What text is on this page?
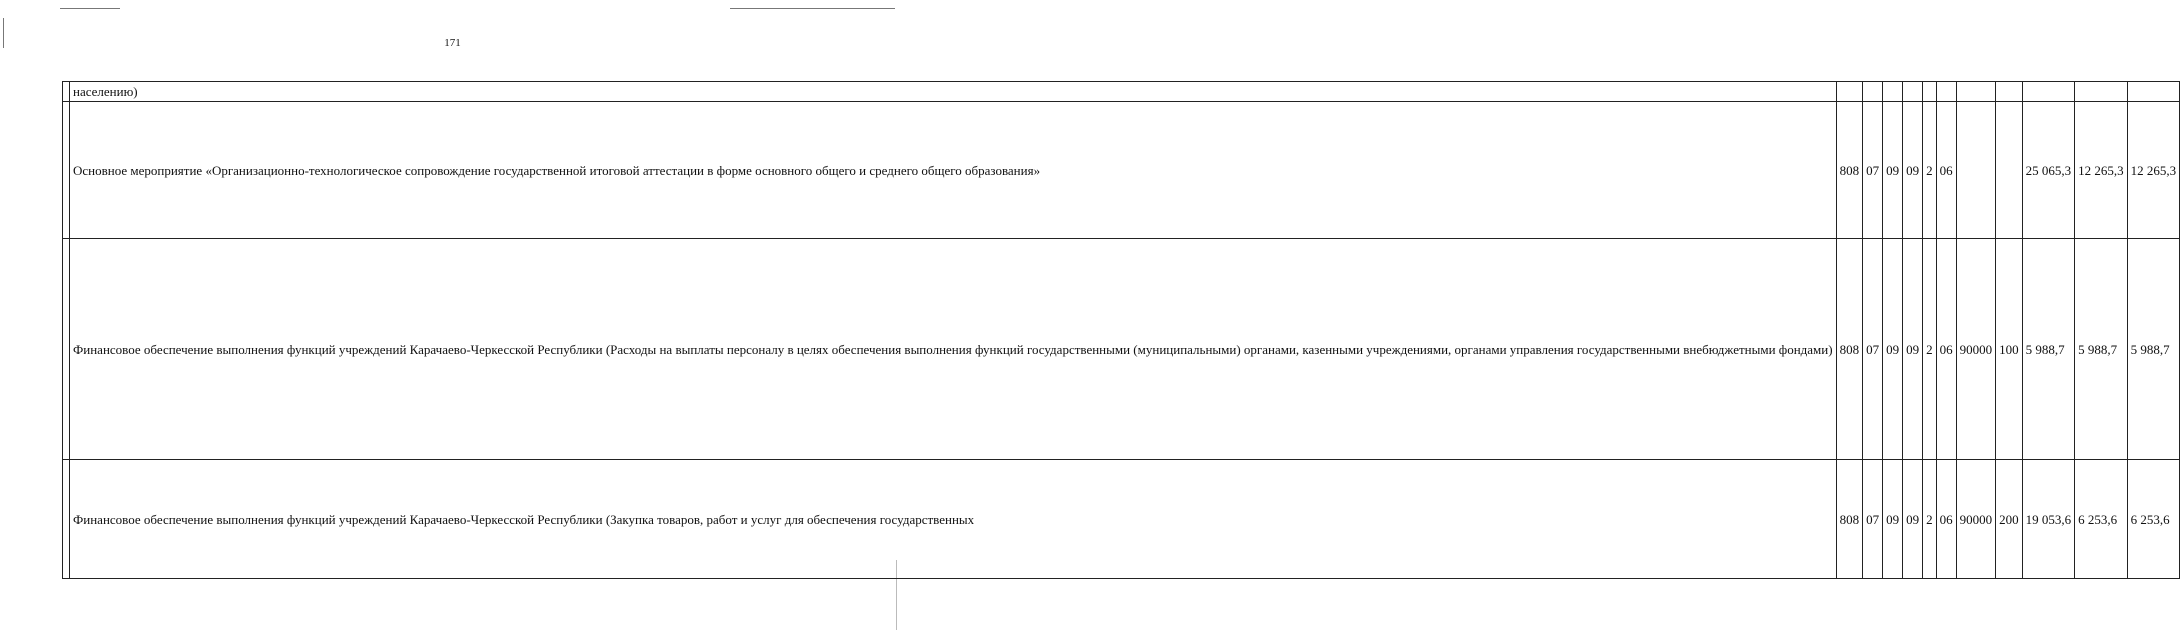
171
	населению)											
	Основное мероприятие «Организационно-технологическое сопровождение государственной итоговой аттестации в форме основного общего и среднего общего образования»	808	07	09	09	2	06			25 065,3	12 265,3	12 265,3
	Финансовое обеспечение выполнения функций учреждений Карачаево-Черкесской Республики (Расходы на выплаты персоналу в целях обеспечения выполнения функций государственными (муниципальными) органами, казенными учреждениями, органами управления государственными внебюджетными фондами)	808	07	09	09	2	06	90000	100	5 988,7	5 988,7	5 988,7
	Финансовое обеспечение выполнения функций учреждений Карачаево-Черкесской Республики (Закупка товаров, работ и услуг для обеспечения государственных	808	07	09	09	2	06	90000	200	19 053,6	6 253,6	6 253,6
